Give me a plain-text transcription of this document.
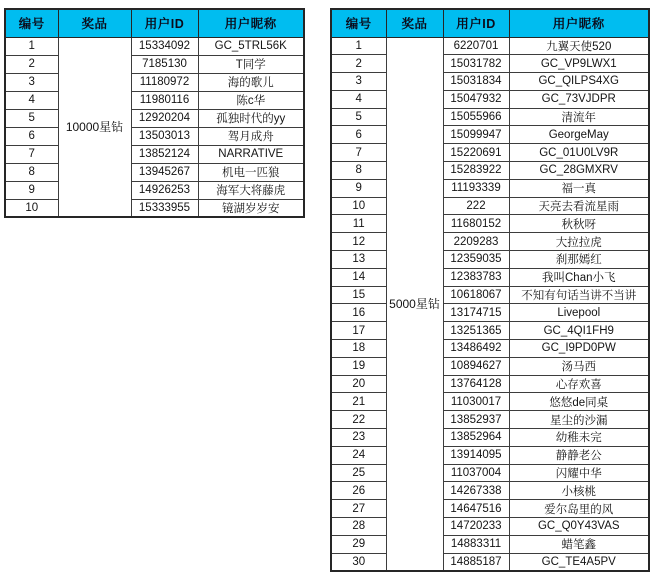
编号	奖品	用户ID	用户昵称
1	10000星钻	15334092	GC_5TRL56K
2		7185130	T同学
3		11180972	海的歌儿
4		11980116	陈c华
5		12920204	孤独时代的yy
6		13503013	驾月成舟
7		13852124	NARRATIVE
8		13945267	机电一匹狼
9		14926253	海军大将藤虎
10		15333955	镜湖岁岁安
编号	奖品	用户ID	用户昵称
1	5000星钻	6220701	九翼天使520
2		15031782	GC_VP9LWX1
3		15031834	GC_QILPS4XG
4		15047932	GC_73VJDPR
5		15055966	清流年
6		15099947	GeorgeMay
7		15220691	GC_01U0LV9R
8		15283922	GC_28GMXRV
9		11193339	福一真
10		222	天亮去看流星雨
11		11680152	秋秋呀
12		2209283	大拉拉虎
13		12359035	刹那嫣红
14		12383783	我叫Chan小飞
15		10618067	不知有句话当讲不当讲
16		13174715	Livepool
17		13251365	GC_4QI1FH9
18		13486492	GC_I9PD0PW
19		10894627	汤马西
20		13764128	心存欢喜
21		11030017	悠悠de同桌
22		13852937	星尘的沙漏
23		13852964	幼稚未完
24		13914095	静静老公
25		11037004	闪耀中华
26		14267338	小核桃
27		14647516	爱尔岛里的风
28		14720233	GC_Q0Y43VAS
29		14883311	蜡笔鑫
30		14885187	GC_TE4A5PV
